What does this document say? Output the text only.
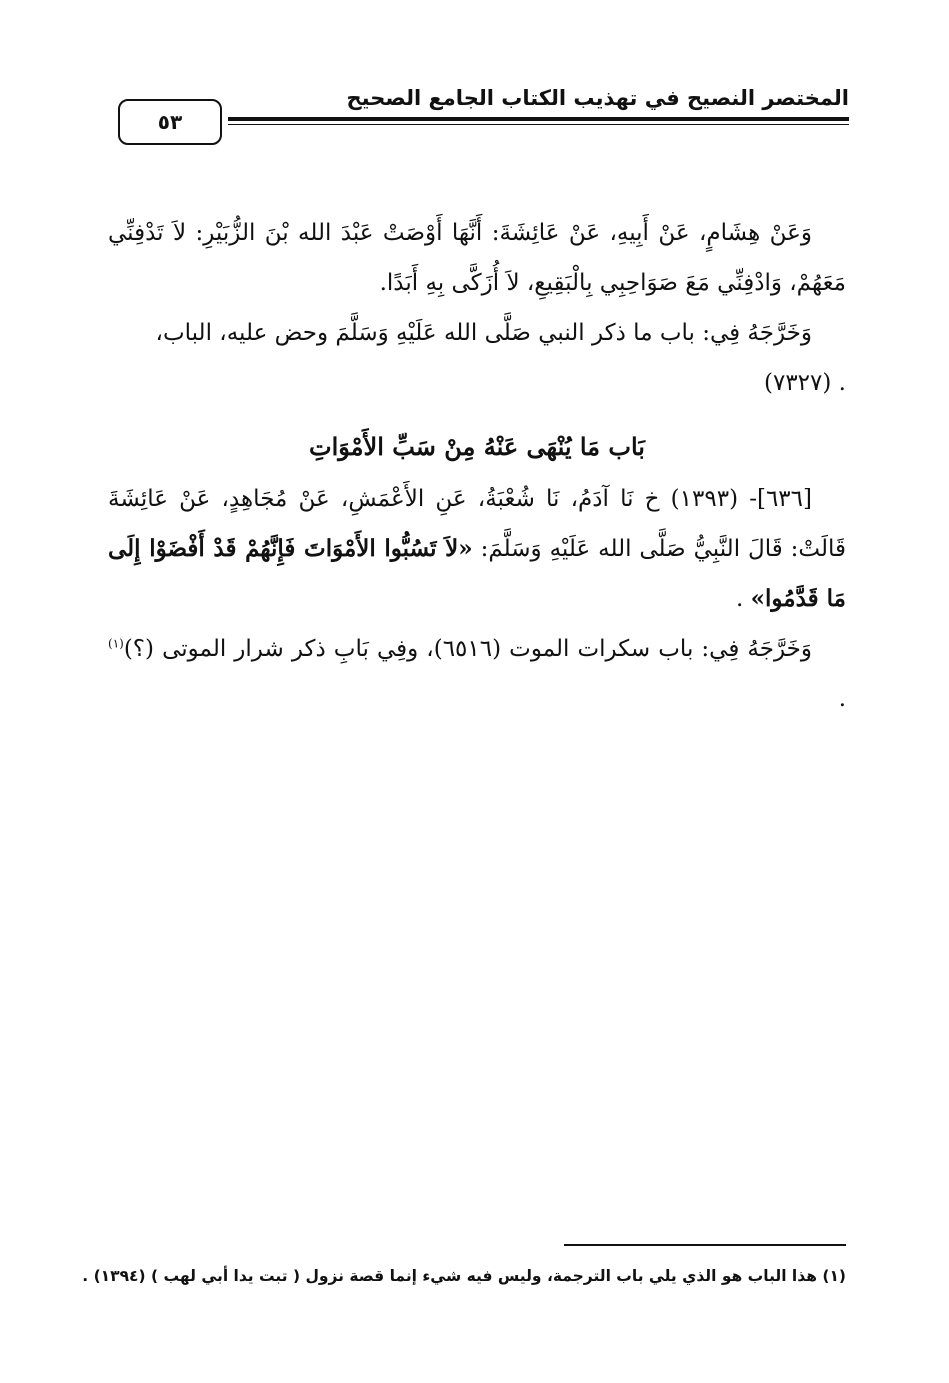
المختصر النصيح في تهذيب الكتاب الجامع الصحيح
٥٣

وَعَنْ هِشَامٍ، عَنْ أَبِيهِ، عَنْ عَائِشَةَ: أَنَّهَا أَوْصَتْ عَبْدَ الله بْنَ الزُّبَيْرِ: لاَ تَدْفِنِّي مَعَهُمْ، وَادْفِنِّي مَعَ صَوَاحِبِي بِالْبَقِيعِ، لاَ أُزَكَّى بِهِ أَبَدًا.

وَخَرَّجَهُ فِي: باب ما ذكر النبي صَلَّى الله عَلَيْهِ وَسَلَّمَ وحض عليه، الباب،

. (٧٣٢٧)

بَاب مَا يُنْهَى عَنْهُ مِنْ سَبِّ الأَمْوَاتِ

[٦٣٦]- (١٣٩٣) خ نَا آدَمُ، نَا شُعْبَةُ، عَنِ الأَعْمَشِ، عَنْ مُجَاهِدٍ، عَنْ عَائِشَةَ قَالَتْ: قَالَ النَّبِيُّ صَلَّى الله عَلَيْهِ وَسَلَّمَ: «لاَ تَسُبُّوا الأَمْوَاتَ فَإِنَّهُمْ قَدْ أَفْضَوْا إِلَى مَا قَدَّمُوا» .

وَخَرَّجَهُ فِي: باب سكرات الموت (٦٥١٦)، وفِي بَابِ ذكر شرار الموتى (؟)$^{(١)}$ .

(١) هذا الباب هو الذي يلي باب الترجمة، وليس فيه شيء إنما قصة نزول ( تبت يدا أبي لهب ) (١٣٩٤) .
